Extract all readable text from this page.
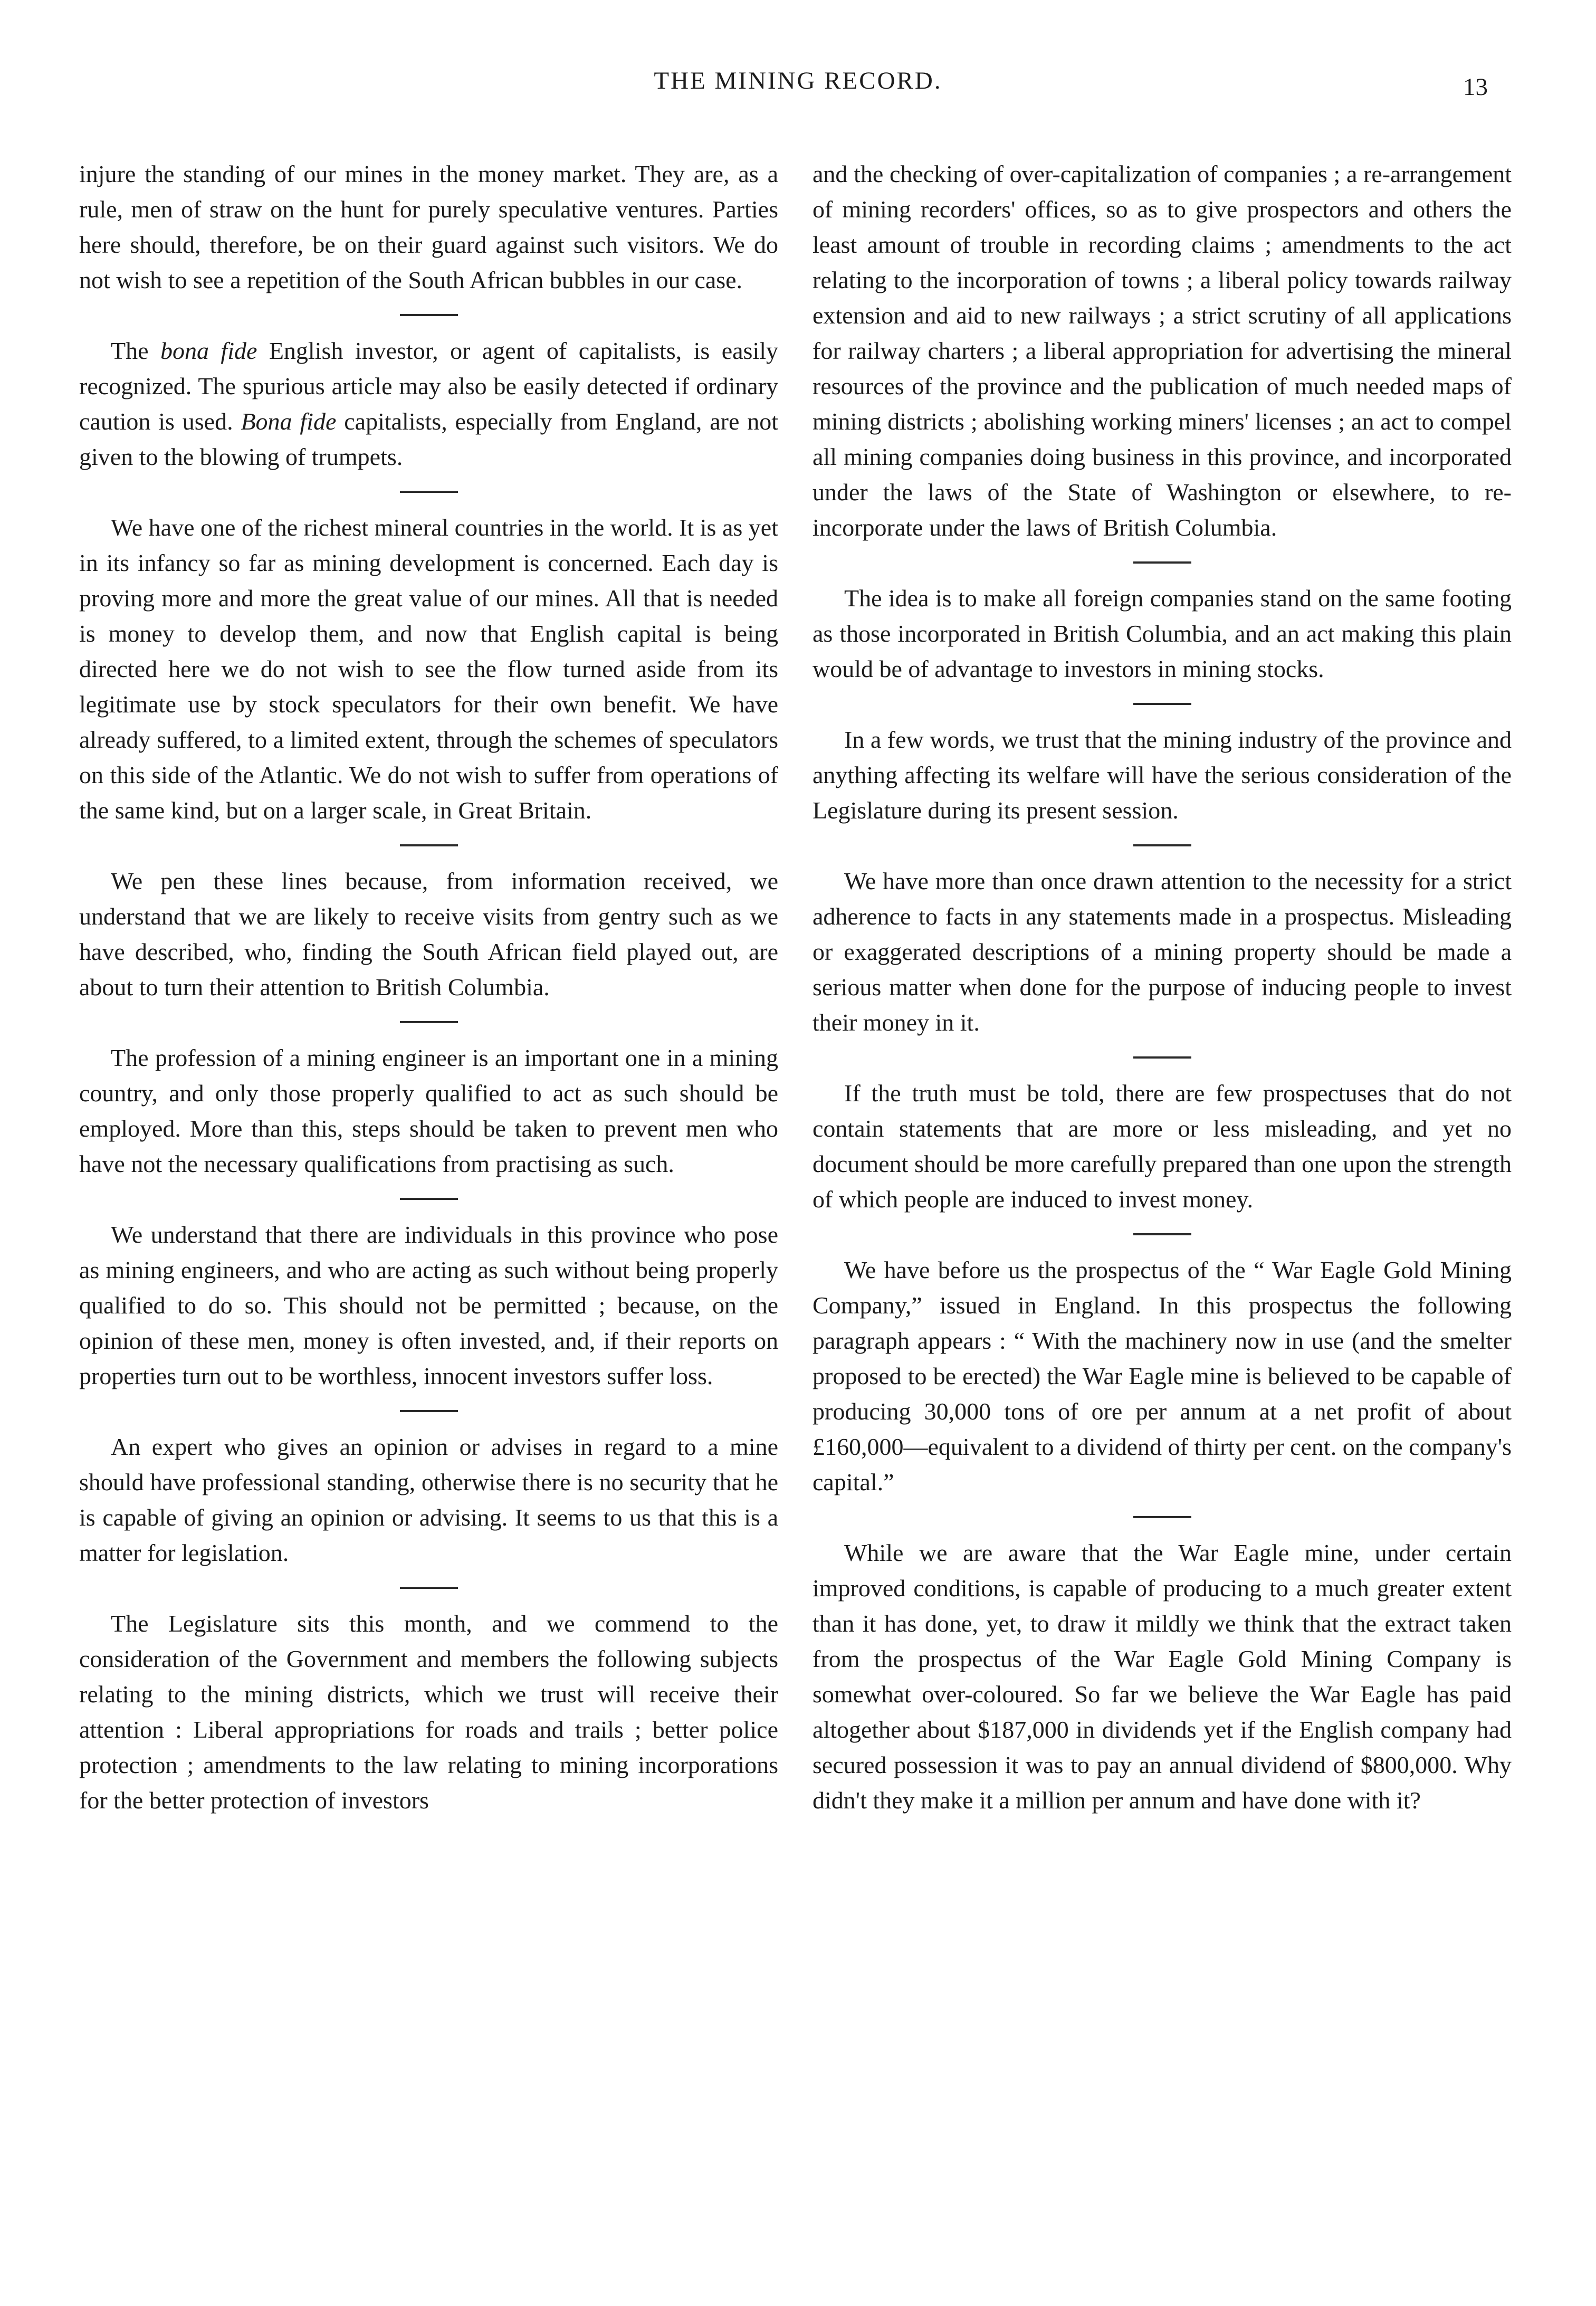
THE MINING RECORD.	13

injure the standing of our mines in the money market. They are, as a rule, men of straw on the hunt for purely speculative ventures. Parties here should, therefore, be on their guard against such visitors. We do not wish to see a repetition of the South African bubbles in our case.

The bona fide English investor, or agent of capitalists, is easily recognized. The spurious article may also be easily detected if ordinary caution is used. Bona fide capitalists, especially from England, are not given to the blowing of trumpets.

We have one of the richest mineral countries in the world. It is as yet in its infancy so far as mining development is concerned. Each day is proving more and more the great value of our mines. All that is needed is money to develop them, and now that English capital is being directed here we do not wish to see the flow turned aside from its legitimate use by stock speculators for their own benefit. We have already suffered, to a limited extent, through the schemes of speculators on this side of the Atlantic. We do not wish to suffer from operations of the same kind, but on a larger scale, in Great Britain.

We pen these lines because, from information received, we understand that we are likely to receive visits from gentry such as we have described, who, finding the South African field played out, are about to turn their attention to British Columbia.

The profession of a mining engineer is an important one in a mining country, and only those properly qualified to act as such should be employed. More than this, steps should be taken to prevent men who have not the necessary qualifications from practising as such.

We understand that there are individuals in this province who pose as mining engineers, and who are acting as such without being properly qualified to do so. This should not be permitted ; because, on the opinion of these men, money is often invested, and, if their reports on properties turn out to be worthless, innocent investors suffer loss.

An expert who gives an opinion or advises in regard to a mine should have professional standing, otherwise there is no security that he is capable of giving an opinion or advising. It seems to us that this is a matter for legislation.

The Legislature sits this month, and we commend to the consideration of the Government and members the following subjects relating to the mining districts, which we trust will receive their attention : Liberal appropriations for roads and trails ; better police protection ; amendments to the law relating to mining incorporations for the better protection of investors

and the checking of over-capitalization of companies ; a re-arrangement of mining recorders' offices, so as to give prospectors and others the least amount of trouble in recording claims ; amendments to the act relating to the incorporation of towns ; a liberal policy towards railway extension and aid to new railways ; a strict scrutiny of all applications for railway charters ; a liberal appropriation for advertising the mineral resources of the province and the publication of much needed maps of mining districts ; abolishing working miners' licenses ; an act to compel all mining companies doing business in this province, and incorporated under the laws of the State of Washington or elsewhere, to re-incorporate under the laws of British Columbia.

The idea is to make all foreign companies stand on the same footing as those incorporated in British Columbia, and an act making this plain would be of advantage to investors in mining stocks.

In a few words, we trust that the mining industry of the province and anything affecting its welfare will have the serious consideration of the Legislature during its present session.

We have more than once drawn attention to the necessity for a strict adherence to facts in any statements made in a prospectus. Misleading or exaggerated descriptions of a mining property should be made a serious matter when done for the purpose of inducing people to invest their money in it.

If the truth must be told, there are few prospectuses that do not contain statements that are more or less misleading, and yet no document should be more carefully prepared than one upon the strength of which people are induced to invest money.

We have before us the prospectus of the “ War Eagle Gold Mining Company,” issued in England. In this prospectus the following paragraph appears : “ With the machinery now in use (and the smelter proposed to be erected) the War Eagle mine is believed to be capable of producing 30,000 tons of ore per annum at a net profit of about £160,000—equivalent to a dividend of thirty per cent. on the company's capital.”

While we are aware that the War Eagle mine, under certain improved conditions, is capable of producing to a much greater extent than it has done, yet, to draw it mildly we think that the extract taken from the prospectus of the War Eagle Gold Mining Company is somewhat over-coloured. So far we believe the War Eagle has paid altogether about $187,000 in dividends yet if the English company had secured possession it was to pay an annual dividend of $800,000. Why didn't they make it a million per annum and have done with it?
